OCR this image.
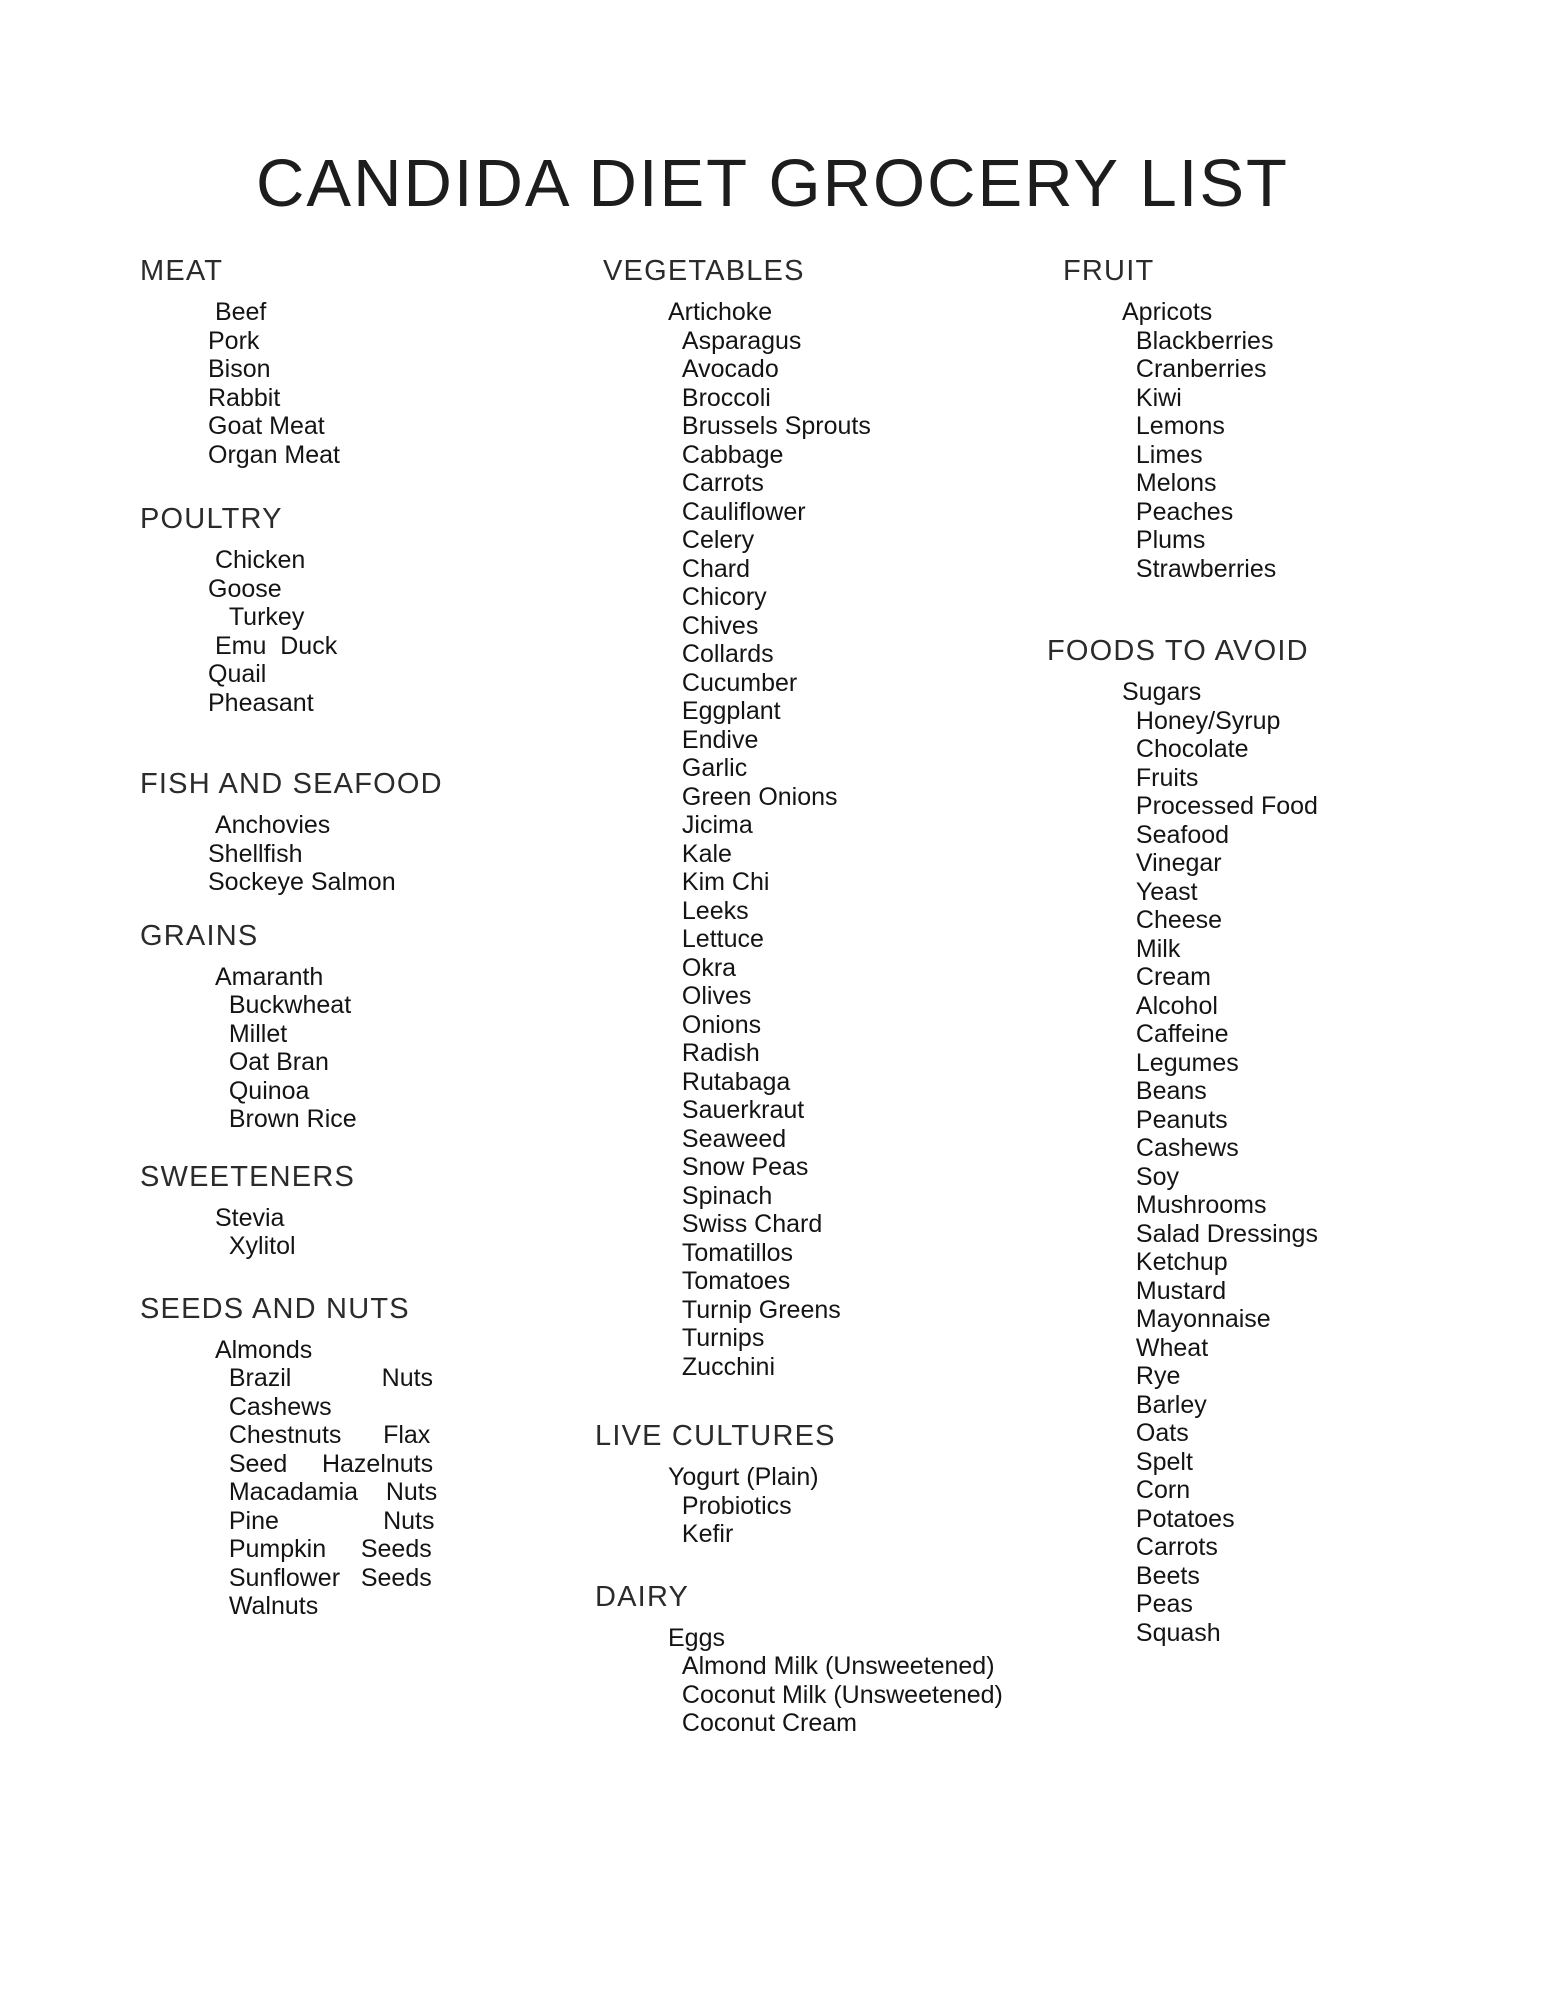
CANDIDA DIET GROCERY LIST
MEAT
Beef
Pork
Bison
Rabbit
Goat Meat
Organ Meat
POULTRY
Chicken
Goose
Turkey
Emu  Duck
Quail
Pheasant
FISH AND SEAFOOD
Anchovies
Shellfish
Sockeye Salmon
GRAINS
Amaranth
Buckwheat
Millet
Oat Bran
Quinoa
Brown Rice
SWEETENERS
Stevia
Xylitol
SEEDS AND NUTS
Almonds
Brazil             Nuts
Cashews
Chestnuts      Flax
Seed     Hazelnuts
Macadamia    Nuts
Pine               Nuts
Pumpkin     Seeds
Sunflower   Seeds
Walnuts
VEGETABLES
Artichoke
Asparagus
Avocado
Broccoli
Brussels Sprouts
Cabbage
Carrots
Cauliflower
Celery
Chard
Chicory
Chives
Collards
Cucumber
Eggplant
Endive
Garlic
Green Onions
Jicima
Kale
Kim Chi
Leeks
Lettuce
Okra
Olives
Onions
Radish
Rutabaga
Sauerkraut
Seaweed
Snow Peas
Spinach
Swiss Chard
Tomatillos
Tomatoes
Turnip Greens
Turnips
Zucchini
LIVE CULTURES
Yogurt (Plain)
Probiotics
Kefir
DAIRY
Eggs
Almond Milk (Unsweetened)
Coconut Milk (Unsweetened)
Coconut Cream
FRUIT
Apricots
Blackberries
Cranberries
Kiwi
Lemons
Limes
Melons
Peaches
Plums
Strawberries
FOODS TO AVOID
Sugars
Honey/Syrup
Chocolate
Fruits
Processed Food
Seafood
Vinegar
Yeast
Cheese
Milk
Cream
Alcohol
Caffeine
Legumes
Beans
Peanuts
Cashews
Soy
Mushrooms
Salad Dressings
Ketchup
Mustard
Mayonnaise
Wheat
Rye
Barley
Oats
Spelt
Corn
Potatoes
Carrots
Beets
Peas
Squash
